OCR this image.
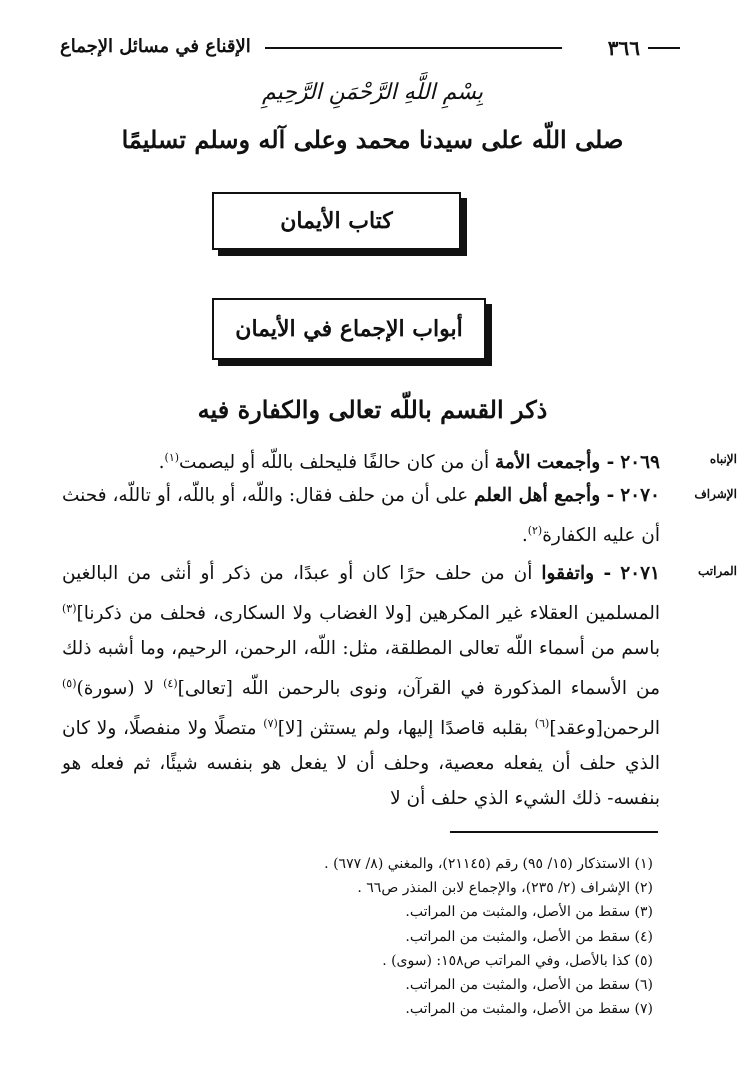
٣٦٦
الإقناع في مسائل الإجماع
بِسْمِ اللَّهِ الرَّحْمَنِ الرَّحِيمِ
صلى اللّه على سيدنا محمد وعلى آله وسلم تسليمًا
كتاب الأيمان
أبواب الإجماع في الأيمان
ذكر القسم باللّه تعالى والكفارة فيه
الإنباه
٢٠٦٩ - وأجمعت الأمة أن من كان حالفًا فليحلف باللّه أو ليصمت$^{(١)}$.
الإشراف
٢٠٧٠ - وأجمع أهل العلم على أن من حلف فقال: واللّه، أو باللّه، أو تاللّه، فحنث أن عليه الكفارة$^{(٢)}$.
المراتب
٢٠٧١ - واتفقوا أن من حلف حرًا كان أو عبدًا، من ذكر أو أنثى من البالغين المسلمين العقلاء غير المكرهين [ولا الغضاب ولا السكارى، فحلف من ذكرنا]$^{(٣)}$ باسم من أسماء اللّه تعالى المطلقة، مثل: اللّه، الرحمن، الرحيم، وما أشبه ذلك من الأسماء المذكورة في القرآن، ونوى بالرحمن اللّه [تعالى]$^{(٤)}$ لا (سورة)$^{(٥)}$ الرحمن[وعقد]$^{(٦)}$ بقلبه قاصدًا إليها، ولم يستثن [لا]$^{(٧)}$ متصلًا ولا منفصلًا، ولا كان الذي حلف أن يفعله معصية، وحلف أن لا يفعل هو بنفسه شيئًا، ثم فعله هو بنفسه- ذلك الشيء الذي حلف أن لا
(١) الاستذكار (١٥/ ٩٥) رقم (٢١١٤٥)، والمغني (٨/ ٦٧٧) .
(٢) الإشراف (٢/ ٢٣٥)، والإجماع لابن المنذر ص٦٦ .
(٣) سقط من الأصل، والمثبت من المراتب.
(٤) سقط من الأصل، والمثبت من المراتب.
(٥) كذا بالأصل، وفي المراتب ص١٥٨: (سوى) .
(٦) سقط من الأصل، والمثبت من المراتب.
(٧) سقط من الأصل، والمثبت من المراتب.
